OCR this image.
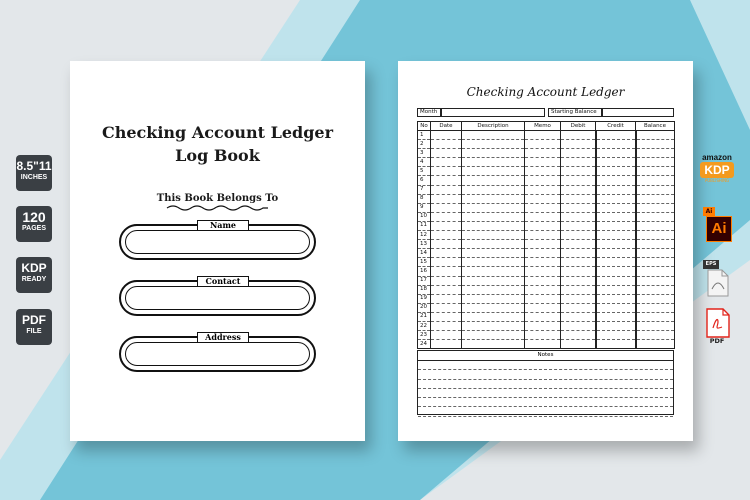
8.5"11
INCHES
120
PAGES
KDP
READY
PDF
FILE
Checking Account Ledger
Log Book
This Book Belongs To
Name
Contact
Address
Checking Account Ledger
Month	Starting Balance
No	Date	Description	Memo	Debit	Credit	Balance
1						
2						
3						
4						
5						
6						
7						
8						
9						
10						
11						
12						
13						
14						
15						
16						
17						
18						
19						
20						
21						
22						
23						
24						
Notes
amazon
KDP
PUBLISHING
Ai
Ai
EPS
PDF
